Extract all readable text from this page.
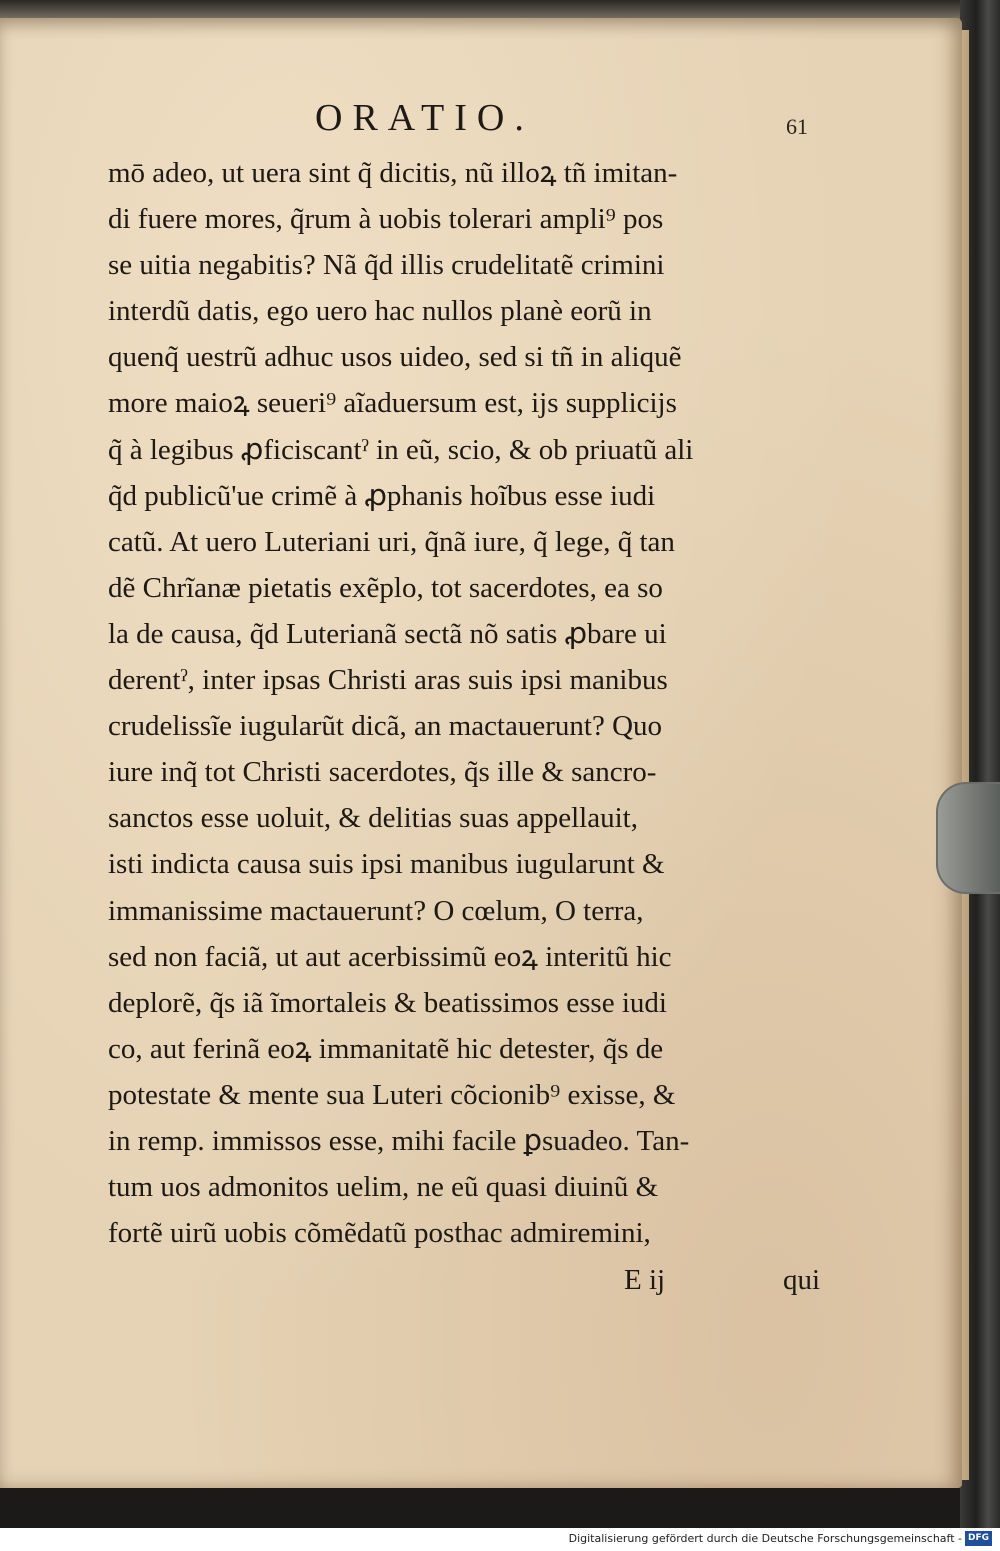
ORATIO.	61
mō adeo, ut uera sint q̃ dicitis, nũ illoꝝ tñ imitan-
di fuere mores, q̃rum à uobis tolerari ampli⁹ pos
se uitia negabitis? Nã q̃d illis crudelitatẽ crimini
interdũ datis, ego uero hac nullos planè eorũ in
quenq̃ uestrũ adhuc usos uideo, sed si tñ in aliquẽ
more maioꝝ seueri⁹ aĩaduersum est, ijs supplicijs
q̃ à legibus ꝓficiscantˀ in eũ, scio, & ob priuatũ ali
q̃d publicũ'ue crimẽ à ꝓphanis hoĩbus esse iudi
catũ. At uero Luteriani uri, q̃nã iure, q̃ lege, q̃ tan
dẽ Chrĩanæ pietatis exẽplo, tot sacerdotes, ea so
la de causa, q̃d Luterianã sectã nõ satis ꝓbare ui
derentˀ, inter ipsas Christi aras suis ipsi manibus
crudelissĩe iugularũt dicã, an mactauerunt? Quo
iure inq̃ tot Christi sacerdotes, q̃s ille & sancro-
sanctos esse uoluit, & delitias suas appellauit,
isti indicta causa suis ipsi manibus iugularunt &
immanissime mactauerunt? O cœlum, O terra,
sed non faciã, ut aut acerbissimũ eoꝝ interitũ hic
deplorẽ, q̃s iã ĩmortaleis & beatissimos esse iudi
co, aut ferinã eoꝝ immanitatẽ hic detester, q̃s de
potestate & mente sua Luteri cõcionib⁹ exisse, &
in remp. immissos esse, mihi facile ꝑsuadeo. Tan-
tum uos admonitos uelim, ne eũ quasi diuinũ &
fortẽ uirũ uobis cõmẽdatũ posthac admiremini,
E ij	qui
Digitalisierung gefördert durch die Deutsche Forschungsgemeinschaft - DFG
